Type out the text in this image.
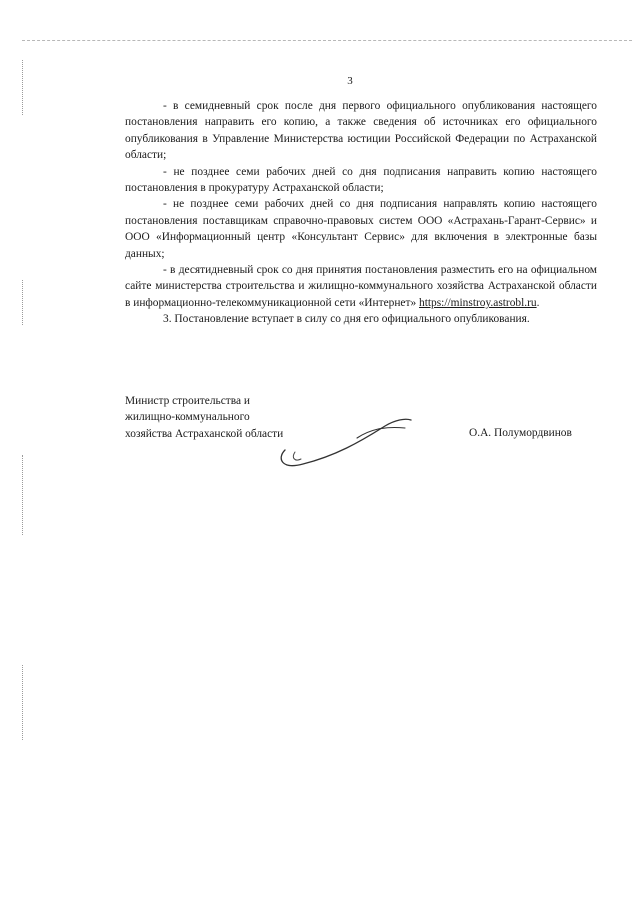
3

- в семидневный срок после дня первого официального опубликования настоящего постановления направить его копию, а также сведения об источниках его официального опубликования в Управление Министерства юстиции Российской Федерации по Астраханской области;

- не позднее семи рабочих дней со дня подписания направить копию настоящего постановления в прокуратуру Астраханской области;

- не позднее семи рабочих дней со дня подписания направлять копию настоящего постановления поставщикам справочно-правовых систем ООО «Астрахань-Гарант-Сервис» и ООО «Информационный центр «Консультант Сервис» для включения в электронные базы данных;

- в десятидневный срок со дня принятия постановления разместить его на официальном сайте министерства строительства и жилищно-коммунального хозяйства Астраханской области в информационно-телекоммуникационной сети «Интернет» https://minstroy.astrobl.ru.

3. Постановление вступает в силу со дня его официального опубликования.

Министр строительства и
жилищно-коммунального
хозяйства Астраханской области	О.А. Полумордвинов
